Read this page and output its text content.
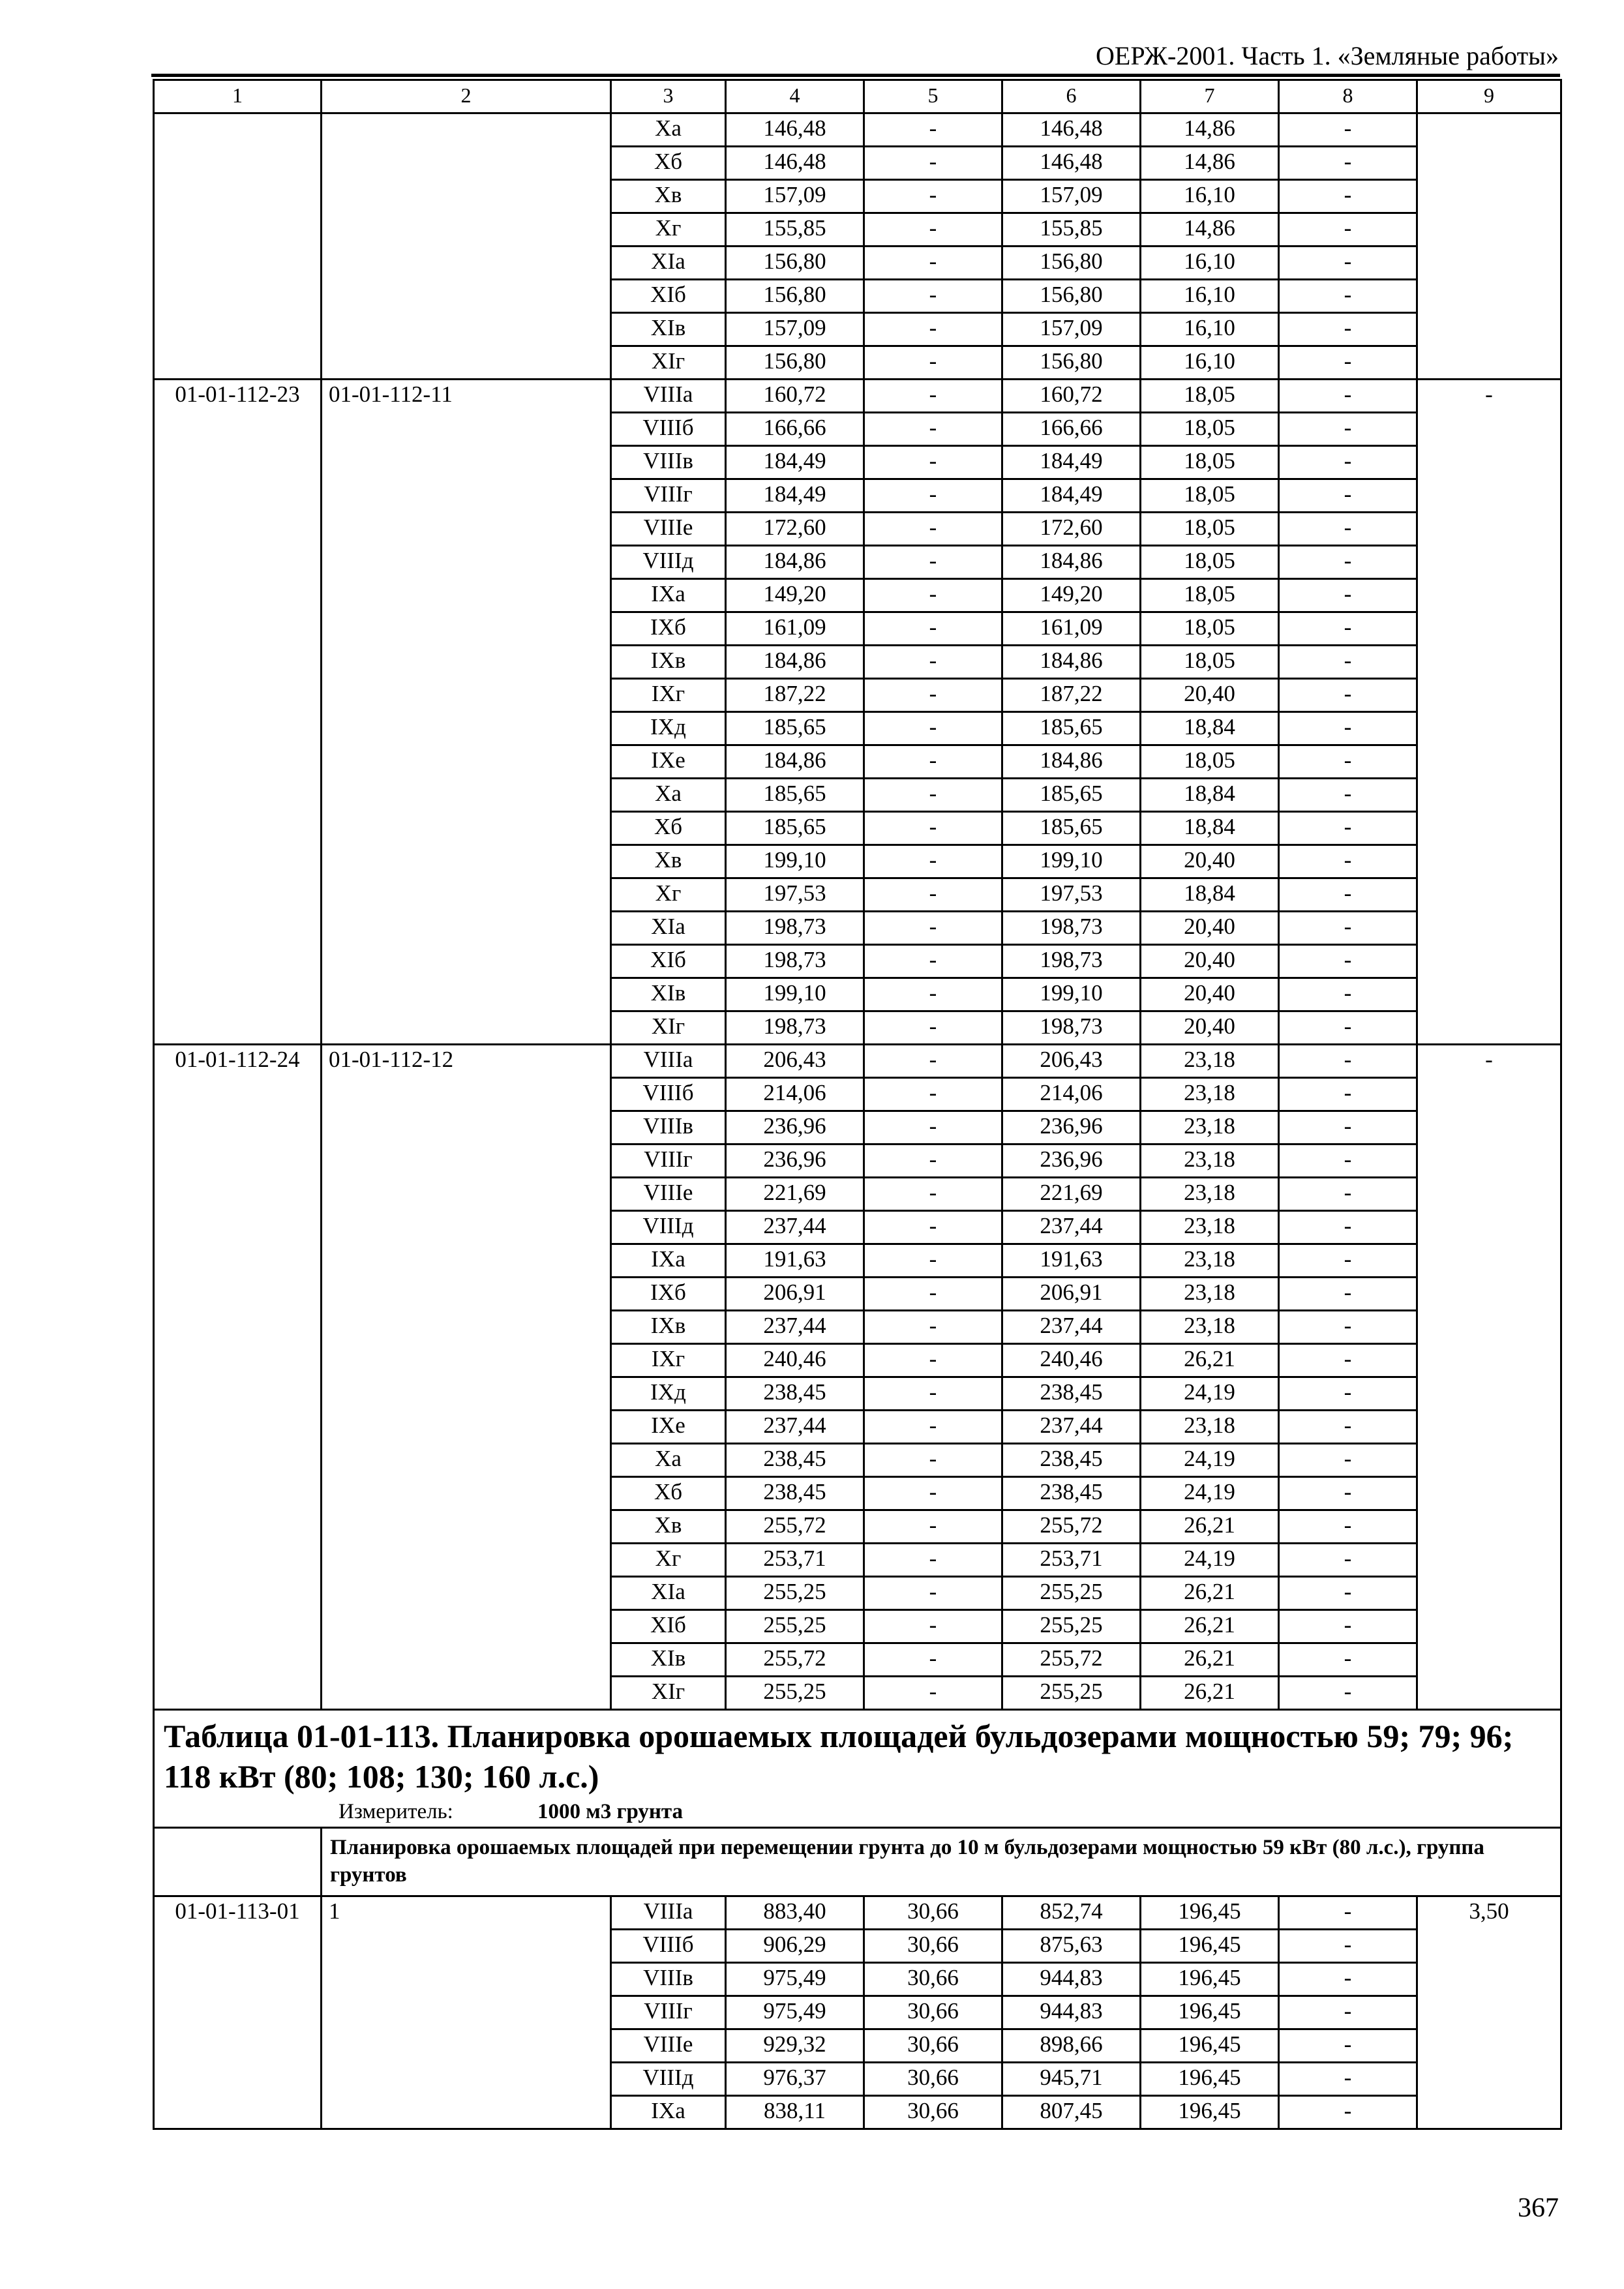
ОЕРЖ-2001. Часть 1. «Земляные работы»
1	2	3	4	5	6	7	8	9
		Xa	146,48	-	146,48	14,86	-	
		Xб	146,48	-	146,48	14,86	-	
		Xв	157,09	-	157,09	16,10	-	
		Xг	155,85	-	155,85	14,86	-	
		XIa	156,80	-	156,80	16,10	-	
		XIб	156,80	-	156,80	16,10	-	
		XIв	157,09	-	157,09	16,10	-	
		XIг	156,80	-	156,80	16,10	-	
01-01-112-23	01-01-112-11	VIIIa	160,72	-	160,72	18,05	-	-
		VIIIб	166,66	-	166,66	18,05	-	
		VIIIв	184,49	-	184,49	18,05	-	
		VIIIг	184,49	-	184,49	18,05	-	
		VIIIe	172,60	-	172,60	18,05	-	
		VIIIд	184,86	-	184,86	18,05	-	
		IXa	149,20	-	149,20	18,05	-	
		IXб	161,09	-	161,09	18,05	-	
		IXв	184,86	-	184,86	18,05	-	
		IXг	187,22	-	187,22	20,40	-	
		IXд	185,65	-	185,65	18,84	-	
		IXe	184,86	-	184,86	18,05	-	
		Xa	185,65	-	185,65	18,84	-	
		Xб	185,65	-	185,65	18,84	-	
		Xв	199,10	-	199,10	20,40	-	
		Xг	197,53	-	197,53	18,84	-	
		XIa	198,73	-	198,73	20,40	-	
		XIб	198,73	-	198,73	20,40	-	
		XIв	199,10	-	199,10	20,40	-	
		XIг	198,73	-	198,73	20,40	-	
01-01-112-24	01-01-112-12	VIIIa	206,43	-	206,43	23,18	-	-
		VIIIб	214,06	-	214,06	23,18	-	
		VIIIв	236,96	-	236,96	23,18	-	
		VIIIг	236,96	-	236,96	23,18	-	
		VIIIe	221,69	-	221,69	23,18	-	
		VIIIд	237,44	-	237,44	23,18	-	
		IXa	191,63	-	191,63	23,18	-	
		IXб	206,91	-	206,91	23,18	-	
		IXв	237,44	-	237,44	23,18	-	
		IXг	240,46	-	240,46	26,21	-	
		IXд	238,45	-	238,45	24,19	-	
		IXe	237,44	-	237,44	23,18	-	
		Xa	238,45	-	238,45	24,19	-	
		Xб	238,45	-	238,45	24,19	-	
		Xв	255,72	-	255,72	26,21	-	
		Xг	253,71	-	253,71	24,19	-	
		XIa	255,25	-	255,25	26,21	-	
		XIб	255,25	-	255,25	26,21	-	
		XIв	255,72	-	255,72	26,21	-	
		XIг	255,25	-	255,25	26,21	-	

Таблица 01-01-113. Планировка орошаемых площадей бульдозерами мощностью 59; 79; 96; 118 кВт (80; 108; 130; 160 л.с.)
Измеритель: 1000 м3 грунта								

	Планировка орошаемых площадей при перемещении грунта до 10 м бульдозерами мощностью 59 кВт (80 л.с.), группа грунтов							
01-01-113-01	1	VIIIa	883,40	30,66	852,74	196,45	-	3,50
		VIIIб	906,29	30,66	875,63	196,45	-	
		VIIIв	975,49	30,66	944,83	196,45	-	
		VIIIг	975,49	30,66	944,83	196,45	-	
		VIIIe	929,32	30,66	898,66	196,45	-	
		VIIIд	976,37	30,66	945,71	196,45	-	
		IXa	838,11	30,66	807,45	196,45	-	
367
